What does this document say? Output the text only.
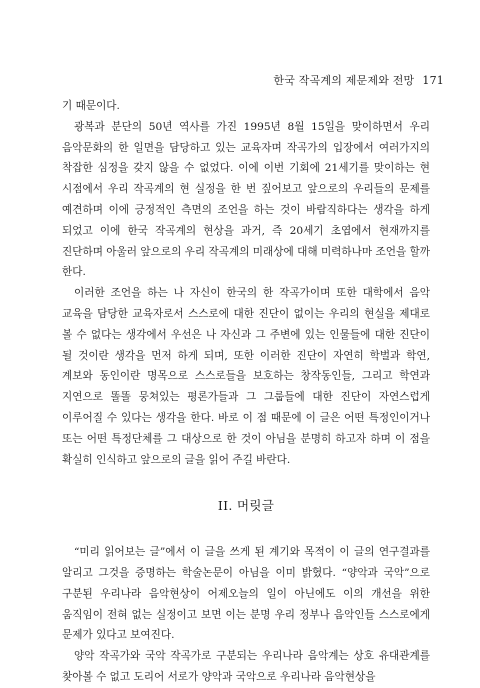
한국 작곡계의 제문제와 전망 171

기 때문이다.

광복과 분단의 50년 역사를 가진 1995년 8월 15일을 맞이하면서 우리 음악문화의 한 일면을 담당하고 있는 교육자며 작곡가의 입장에서 여러가지의 착잡한 심정을 갖지 않을 수 없었다. 이에 이번 기회에 21세기를 맞이하는 현 시점에서 우리 작곡계의 현 실정을 한 번 짚어보고 앞으로의 우리들의 문제를 예견하며 이에 긍정적인 측면의 조언을 하는 것이 바람직하다는 생각을 하게 되었고 이에 한국 작곡계의 현상을 과거, 즉 20세기 초엽에서 현재까지를 진단하며 아울러 앞으로의 우리 작곡계의 미래상에 대해 미력하나마 조언을 할까 한다.

이러한 조언을 하는 나 자신이 한국의 한 작곡가이며 또한 대학에서 음악 교육을 담당한 교육자로서 스스로에 대한 진단이 없이는 우리의 현실을 제대로 볼 수 없다는 생각에서 우선은 나 자신과 그 주변에 있는 인물들에 대한 진단이 될 것이란 생각을 먼저 하게 되며, 또한 이러한 진단이 자연히 학벌과 학연, 계보와 동인이란 명목으로 스스로들을 보호하는 창작동인들, 그리고 학연과 지연으로 똘똘 뭉쳐있는 평론가들과 그 그룹들에 대한 진단이 자연스럽게 이루어질 수 있다는 생각을 한다. 바로 이 점 때문에 이 글은 어떤 특정인이거나 또는 어떤 특정단체를 그 대상으로 한 것이 아님을 분명히 하고자 하며 이 점을 확실히 인식하고 앞으로의 글을 읽어 주길 바란다.

II. 머릿글

“미리 읽어보는 글”에서 이 글을 쓰게 된 계기와 목적이 이 글의 연구결과를 알리고 그것을 증명하는 학술논문이 아님을 이미 밝혔다. “양악과 국악”으로 구분된 우리나라 음악현상이 어제오늘의 일이 아닌에도 이의 개선을 위한 움직임이 전혀 없는 실정이고 보면 이는 분명 우리 정부나 음악인들 스스로에게 문제가 있다고 보여진다.

양악 작곡가와 국악 작곡가로 구분되는 우리나라 음악계는 상호 유대관계를 찾아볼 수 없고 도리어 서로가 양악과 국악으로 우리나라 음악현상을
